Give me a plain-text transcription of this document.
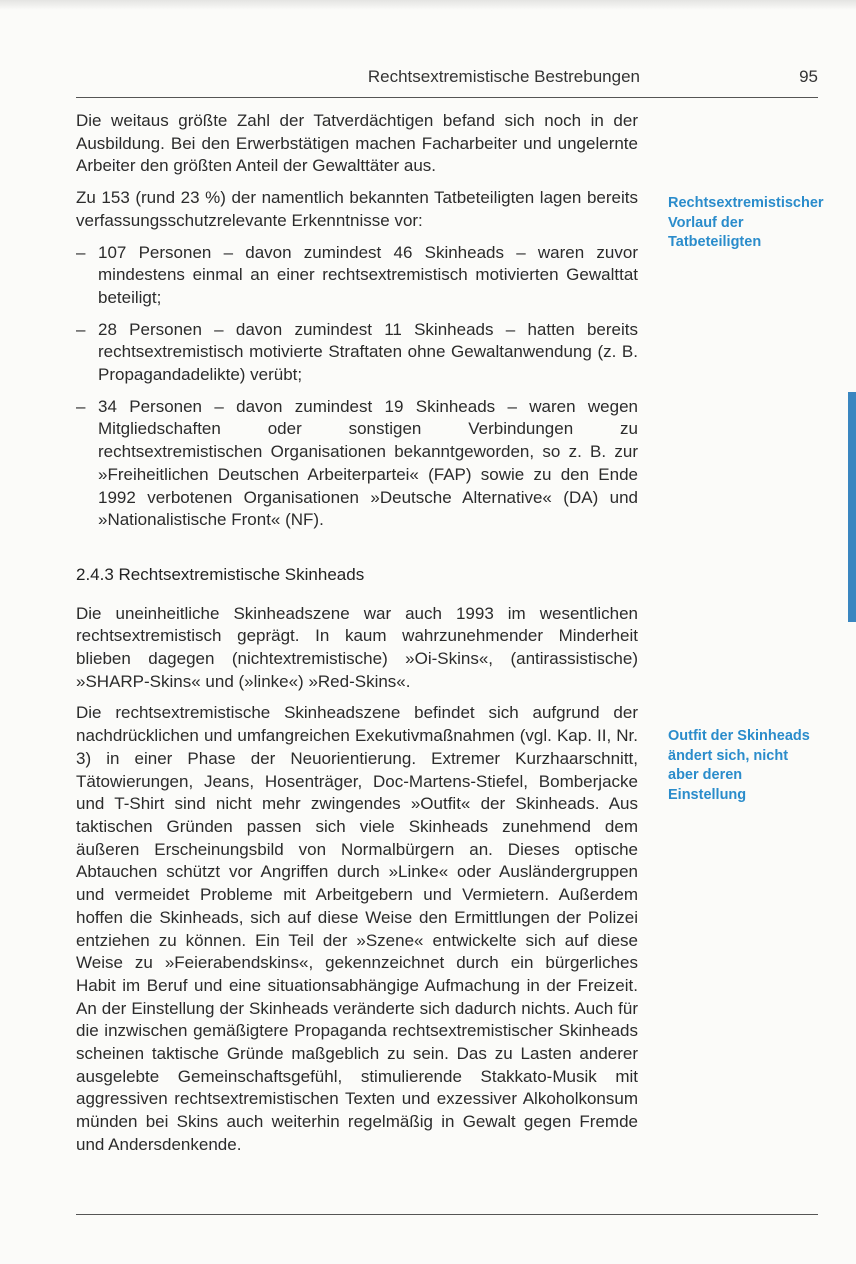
Rechtsextremistische Bestrebungen	95

Die weitaus größte Zahl der Tatverdächtigen befand sich noch in der Ausbildung. Bei den Erwerbstätigen machen Facharbeiter und ungelernte Arbeiter den größten Anteil der Gewalttäter aus.

Zu 153 (rund 23 %) der namentlich bekannten Tatbeteiligten lagen bereits verfassungsschutzrelevante Erkenntnisse vor:

– 107 Personen – davon zumindest 46 Skinheads – waren zuvor mindestens einmal an einer rechtsextremistisch motivierten Gewalttat beteiligt;
– 28 Personen – davon zumindest 11 Skinheads – hatten bereits rechtsextremistisch motivierte Straftaten ohne Gewaltanwendung (z. B. Propagandadelikte) verübt;
– 34 Personen – davon zumindest 19 Skinheads – waren wegen Mitgliedschaften oder sonstigen Verbindungen zu rechtsextremistischen Organisationen bekanntgeworden, so z. B. zur »Freiheitlichen Deutschen Arbeiterpartei« (FAP) sowie zu den Ende 1992 verbotenen Organisationen »Deutsche Alternative« (DA) und »Nationalistische Front« (NF).
2.4.3 Rechtsextremistische Skinheads

Die uneinheitliche Skinheadszene war auch 1993 im wesentlichen rechtsextremistisch geprägt. In kaum wahrzunehmender Minderheit blieben dagegen (nichtextremistische) »Oi-Skins«, (antirassistische) »SHARP-Skins« und (»linke«) »Red-Skins«.

Die rechtsextremistische Skinheadszene befindet sich aufgrund der nachdrücklichen und umfangreichen Exekutivmaßnahmen (vgl. Kap. II, Nr. 3) in einer Phase der Neuorientierung. Extremer Kurzhaarschnitt, Tätowierungen, Jeans, Hosenträger, Doc-Martens-Stiefel, Bomberjacke und T-Shirt sind nicht mehr zwingendes »Outfit« der Skinheads. Aus taktischen Gründen passen sich viele Skinheads zunehmend dem äußeren Erscheinungsbild von Normalbürgern an. Dieses optische Abtauchen schützt vor Angriffen durch »Linke« oder Ausländergruppen und vermeidet Probleme mit Arbeitgebern und Vermietern. Außerdem hoffen die Skinheads, sich auf diese Weise den Ermittlungen der Polizei entziehen zu können. Ein Teil der »Szene« entwickelte sich auf diese Weise zu »Feierabendskins«, gekennzeichnet durch ein bürgerliches Habit im Beruf und eine situationsabhängige Aufmachung in der Freizeit. An der Einstellung der Skinheads veränderte sich dadurch nichts. Auch für die inzwischen gemäßigtere Propaganda rechtsextremistischer Skinheads scheinen taktische Gründe maßgeblich zu sein. Das zu Lasten anderer ausgelebte Gemeinschaftsgefühl, stimulierende Stakkato-Musik mit aggressiven rechtsextremistischen Texten und exzessiver Alkoholkonsum münden bei Skins auch weiterhin regelmäßig in Gewalt gegen Fremde und Andersdenkende.

Rechtsextremistischer Vorlauf der Tatbeteiligten
Outfit der Skinheads ändert sich, nicht aber deren Einstellung
